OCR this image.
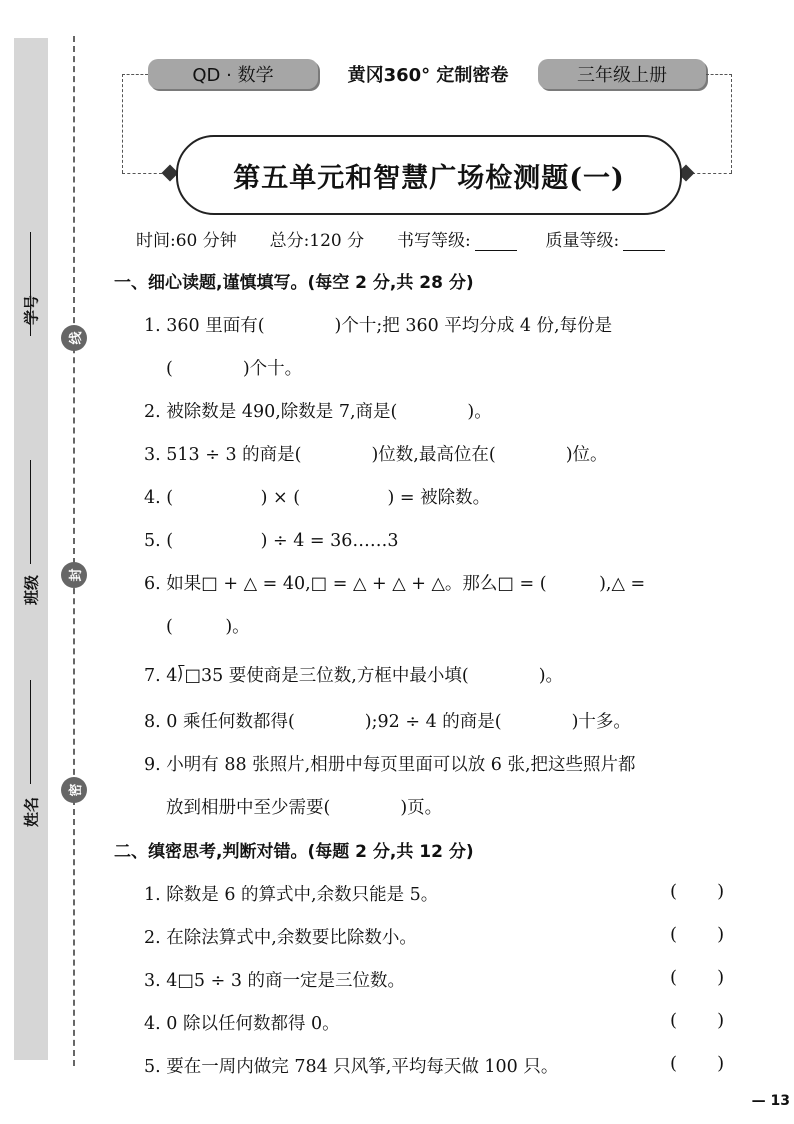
学号
班级
姓名
线
封
密
QD · 数学	黄冈360° 定制密卷	三年级上册
第五单元和智慧广场检测题(一)
时间:60 分钟 总分:120 分 书写等级:	质量等级:
一、细心读题,谨慎填写。(每空 2 分,共 28 分)
1. 360 里面有(　　　　)个十;把 360 平均分成 4 份,每份是
(　　　　)个十。
2. 被除数是 490,除数是 7,商是(　　　　)。
3. 513 ÷ 3 的商是(　　　　)位数,最高位在(　　　　)位。
4. (　　　　　) × (　　　　　) = 被除数。
5. (　　　　　) ÷ 4 = 36……3
6. 如果□ + △ = 40,□ = △ + △ + △。那么□ = (　　　),△ =
(　　　)。
7. 4⟌□35 要使商是三位数,方框中最小填(　　　　)。
8. 0 乘任何数都得(　　　　);92 ÷ 4 的商是(　　　　)十多。
9. 小明有 88 张照片,相册中每页里面可以放 6 张,把这些照片都
放到相册中至少需要(　　　　)页。
二、缜密思考,判断对错。(每题 2 分,共 12 分)
1. 除数是 6 的算式中,余数只能是 5。	(       )
2. 在除法算式中,余数要比除数小。	(       )
3. 4□5 ÷ 3 的商一定是三位数。	(       )
4. 0 除以任何数都得 0。	(       )
5. 要在一周内做完 784 只风筝,平均每天做 100 只。	(       )
— 13
